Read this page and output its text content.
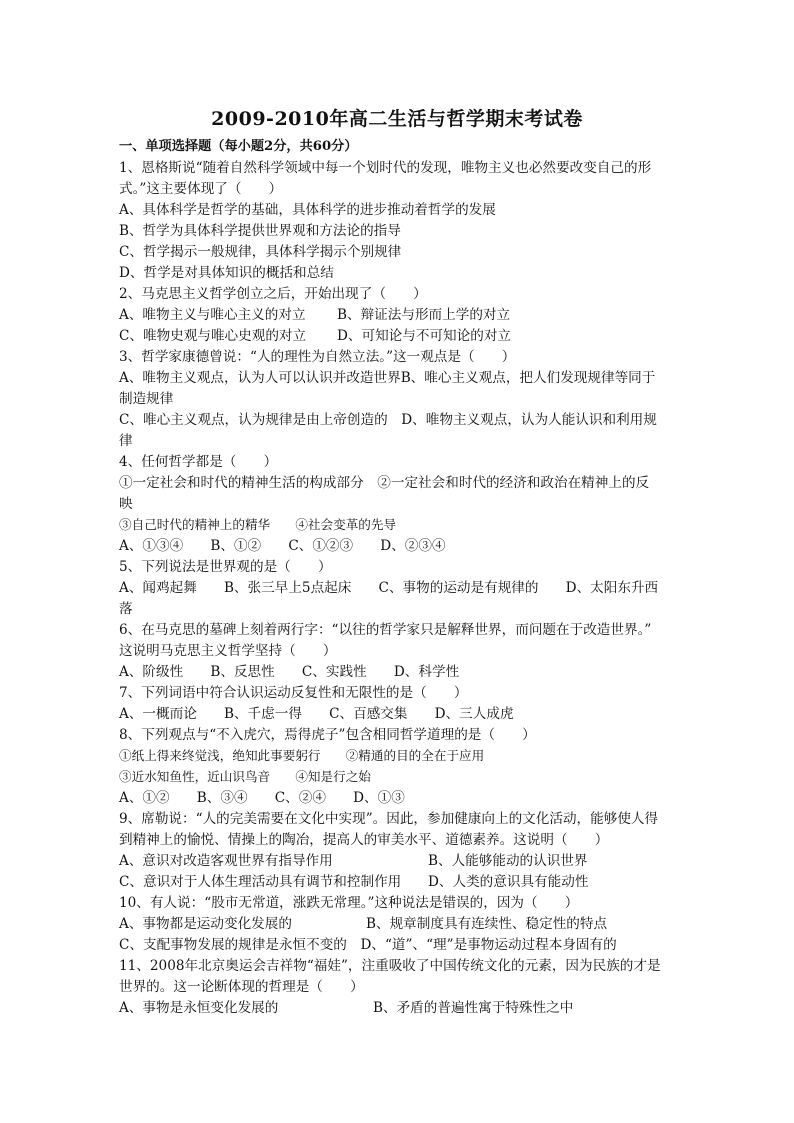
2009-2010年高二生活与哲学期末考试卷
一、单项选择题（每小题2分，共60分）
1、恩格斯说“随着自然科学领域中每一个划时代的发现，唯物主义也必然要改变自己的形
式。”这主要体现了（　　）
A、具体科学是哲学的基础，具体科学的进步推动着哲学的发展
B、哲学为具体科学提供世界观和方法论的指导
C、哲学揭示一般规律，具体科学揭示个别规律
D、哲学是对具体知识的概括和总结
2、马克思主义哲学创立之后，开始出现了（　　）
A、唯物主义与唯心主义的对立 B、辩证法与形而上学的对立
C、唯物史观与唯心史观的对立 D、可知论与不可知论的对立
3、哲学家康德曾说：“人的理性为自然立法。”这一观点是（　　）
A、唯物主义观点，认为人可以认识并改造世界B、唯心主义观点，把人们发现规律等同于
制造规律
C、唯心主义观点，认为规律是由上帝创造的　D、唯物主义观点，认为人能认识和利用规
律
4、任何哲学都是（　　）
①一定社会和时代的精神生活的构成部分　②一定社会和时代的经济和政治在精神上的反
映
③自己时代的精神上的精华　　④社会变革的先导
A、①③④　　B、①②　　C、①②③　　D、②③④
5、下列说法是世界观的是（　　）
A、闻鸡起舞　　B、张三早上5点起床　　C、事物的运动是有规律的　　D、太阳东升西
落
6、在马克思的墓碑上刻着两行字：“以往的哲学家只是解释世界，而问题在于改造世界。”
这说明马克思主义哲学坚持（　　）
A、阶级性　　B、反思性　　C、实践性　　D、科学性
7、下列词语中符合认识运动反复性和无限性的是（　　）
A、一概而论　　B、千虑一得　　C、百感交集　　D、三人成虎
8、下列观点与“不入虎穴，焉得虎子”包含相同哲学道理的是（　　）
①纸上得来终觉浅，绝知此事要躬行　　②精通的目的全在于应用
③近水知鱼性，近山识鸟音　　④知是行之始
A、①②　　B、③④　　C、②④　　D、①③
9、席勒说：“人的完美需要在文化中实现”。因此，参加健康向上的文化活动，能够使人得
到精神上的愉悦、情操上的陶冶，提高人的审美水平、道德素养。这说明（　　）
A、意识对改造客观世界有指导作用	B、人能够能动的认识世界
C、意识对于人体生理活动具有调节和控制作用 D、人类的意识具有能动性
10、有人说：“股市无常道，涨跌无常理。”这种说法是错误的，因为（　　）
A、事物都是运动变化发展的	B、规章制度具有连续性、稳定性的特点
C、支配事物发展的规律是永恒不变的　D、“道”、“理”是事物运动过程本身固有的
11、2008年北京奥运会吉祥物“福娃”，注重吸收了中国传统文化的元素，因为民族的才是
世界的。这一论断体现的哲理是（　　）
A、事物是永恒变化发展的	B、矛盾的普遍性寓于特殊性之中
